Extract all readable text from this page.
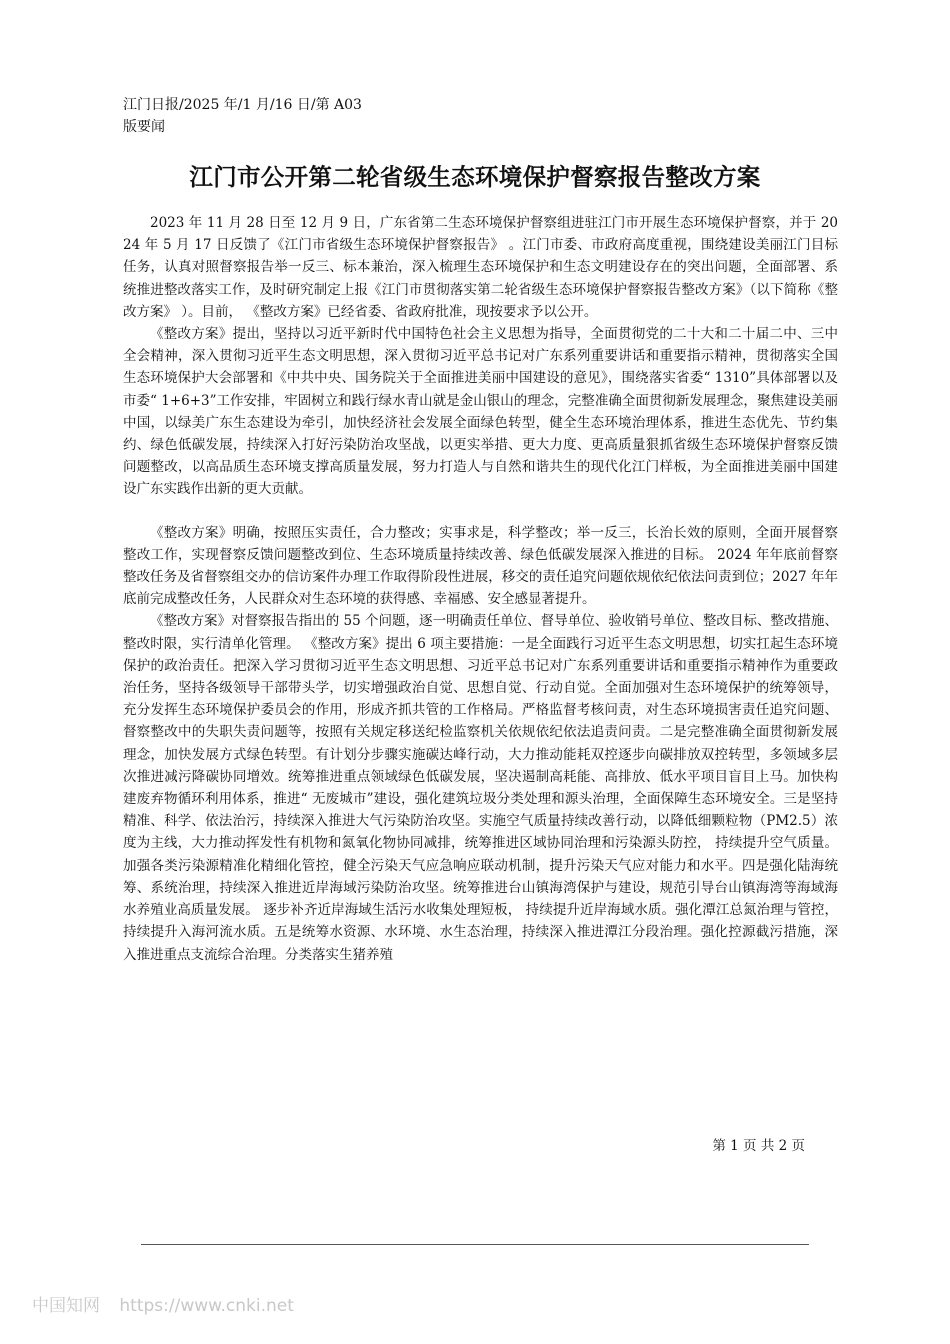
江门日报/2025 年/1 月/16 日/第 A03
版要闻
江门市公开第二轮省级生态环境保护督察报告整改方案

2023 年 11 月 28 日至 12 月 9 日，广东省第二生态环境保护督察组进驻江门市开展生态环境保护督察，并于 2024 年 5 月 17 日反馈了《江门市省级生态环境保护督察报告》 。江门市委、市政府高度重视，围绕建设美丽江门目标任务，认真对照督察报告举一反三、标本兼治，深入梳理生态环境保护和生态文明建设存在的突出问题，全面部署、系统推进整改落实工作，及时研究制定上报《江门市贯彻落实第二轮省级生态环境保护督察报告整改方案》（以下简称《整改方案》 ）。目前， 《整改方案》已经省委、省政府批准，现按要求予以公开。

《整改方案》提出，坚持以习近平新时代中国特色社会主义思想为指导，全面贯彻党的二十大和二十届二中、三中全会精神，深入贯彻习近平生态文明思想，深入贯彻习近平总书记对广东系列重要讲话和重要指示精神，贯彻落实全国生态环境保护大会部署和《中共中央、国务院关于全面推进美丽中国建设的意见》，围绕落实省委“ 1310”具体部署以及市委“ 1+6+3”工作安排，牢固树立和践行绿水青山就是金山银山的理念，完整准确全面贯彻新发展理念，聚焦建设美丽中国，以绿美广东生态建设为牵引，加快经济社会发展全面绿色转型，健全生态环境治理体系，推进生态优先、节约集约、绿色低碳发展，持续深入打好污染防治攻坚战，以更实举措、更大力度、更高质量狠抓省级生态环境保护督察反馈问题整改，以高品质生态环境支撑高质量发展，努力打造人与自然和谐共生的现代化江门样板，为全面推进美丽中国建设广东实践作出新的更大贡献。

《整改方案》明确，按照压实责任，合力整改；实事求是，科学整改；举一反三，长治长效的原则，全面开展督察整改工作，实现督察反馈问题整改到位、生态环境质量持续改善、绿色低碳发展深入推进的目标。 2024 年年底前督察整改任务及省督察组交办的信访案件办理工作取得阶段性进展，移交的责任追究问题依规依纪依法问责到位；2027 年年底前完成整改任务，人民群众对生态环境的获得感、幸福感、安全感显著提升。

《整改方案》对督察报告指出的 55 个问题，逐一明确责任单位、督导单位、验收销号单位、整改目标、整改措施、整改时限，实行清单化管理。 《整改方案》提出 6 项主要措施：一是全面践行习近平生态文明思想，切实扛起生态环境保护的政治责任。把深入学习贯彻习近平生态文明思想、习近平总书记对广东系列重要讲话和重要指示精神作为重要政治任务，坚持各级领导干部带头学，切实增强政治自觉、思想自觉、行动自觉。全面加强对生态环境保护的统筹领导，充分发挥生态环境保护委员会的作用，形成齐抓共管的工作格局。严格监督考核问责，对生态环境损害责任追究问题、督察整改中的失职失责问题等，按照有关规定移送纪检监察机关依规依纪依法追责问责。二是完整准确全面贯彻新发展理念，加快发展方式绿色转型。有计划分步骤实施碳达峰行动，大力推动能耗双控逐步向碳排放双控转型，多领域多层次推进减污降碳协同增效。统筹推进重点领域绿色低碳发展，坚决遏制高耗能、高排放、低水平项目盲目上马。加快构建废弃物循环利用体系，推进“ 无废城市”建设，强化建筑垃圾分类处理和源头治理，全面保障生态环境安全。三是坚持精准、科学、依法治污，持续深入推进大气污染防治攻坚。实施空气质量持续改善行动，以降低细颗粒物（PM2.5）浓度为主线，大力推动挥发性有机物和氮氧化物协同减排，统筹推进区域协同治理和污染源头防控， 持续提升空气质量。 加强各类污染源精准化精细化管控，健全污染天气应急响应联动机制，提升污染天气应对能力和水平。四是强化陆海统筹、系统治理，持续深入推进近岸海域污染防治攻坚。统筹推进台山镇海湾保护与建设，规范引导台山镇海湾等海域海水养殖业高质量发展。 逐步补齐近岸海域生活污水收集处理短板， 持续提升近岸海域水质。强化潭江总氮治理与管控，持续提升入海河流水质。五是统筹水资源、水环境、水生态治理，持续深入推进潭江分段治理。强化控源截污措施，深入推进重点支流综合治理。分类落实生猪养殖

第 1 页 共 2 页
中国知网 https://www.cnki.net
